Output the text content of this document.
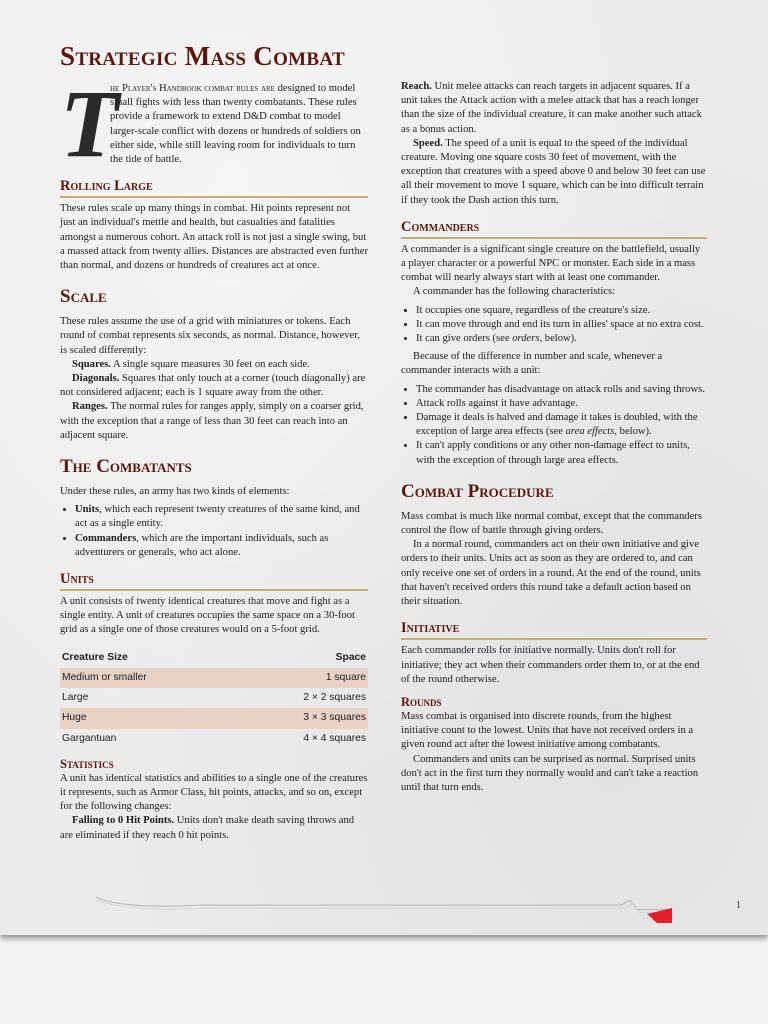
Strategic Mass Combat
T

he Player's Handbook combat rules are designed to model small fights with less than twenty combatants. These rules provide a framework to extend D&D combat to model larger-scale conflict with dozens or hundreds of soldiers on either side, while still leaving room for individuals to turn the tide of battle.

Rolling Large

These rules scale up many things in combat. Hit points represent not just an individual's mettle and health, but casualties and fatalities amongst a numerous cohort. An attack roll is not just a single swing, but a massed attack from twenty allies. Distances are abstracted even further than normal, and dozens or hundreds of creatures act at once.

Scale

These rules assume the use of a grid with miniatures or tokens. Each round of combat represents six seconds, as normal. Distance, however, is scaled differently:

Squares. A single square measures 30 feet on each side.

Diagonals. Squares that only touch at a corner (touch diagonally) are not considered adjacent; each is 1 square away from the other.

Ranges. The normal rules for ranges apply, simply on a coarser grid, with the exception that a range of less than 30 feet can reach into an adjacent square.

The Combatants

Under these rules, an army has two kinds of elements:

• Units, which each represent twenty creatures of the same kind, and act as a single entity.
• Commanders, which are the important individuals, such as adventurers or generals, who act alone.
Units

A unit consists of twenty identical creatures that move and fight as a single entity. A unit of creatures occupies the same space on a 30-foot grid as a single one of those creatures would on a 5-foot grid.

Creature Size	Space
Medium or smaller	1 square
Large	2 × 2 squares
Huge	3 × 3 squares
Gargantuan	4 × 4 squares
Statistics

A unit has identical statistics and abilities to a single one of the creatures it represents, such as Armor Class, hit points, attacks, and so on, except for the following changes:

Falling to 0 Hit Points. Units don't make death saving throws and are eliminated if they reach 0 hit points.

Reach. Unit melee attacks can reach targets in adjacent squares. If a unit takes the Attack action with a melee attack that has a reach longer than the size of the individual creature, it can make another such attack as a bonus action.

Speed. The speed of a unit is equal to the speed of the individual creature. Moving one square costs 30 feet of movement, with the exception that creatures with a speed above 0 and below 30 feet can use all their movement to move 1 square, which can be into difficult terrain if they took the Dash action this turn.

Commanders

A commander is a significant single creature on the battlefield, usually a player character or a powerful NPC or monster. Each side in a mass combat will nearly always start with at least one commander.

A commander has the following characteristics:

• It occupies one square, regardless of the creature's size.
• It can move through and end its turn in allies' space at no extra cost.
• It can give orders (see orders, below).

Because of the difference in number and scale, whenever a commander interacts with a unit:

• The commander has disadvantage on attack rolls and saving throws.
• Attack rolls against it have advantage.
• Damage it deals is halved and damage it takes is doubled, with the exception of large area effects (see area effects, below).
• It can't apply conditions or any other non-damage effect to units, with the exception of through large area effects.
Combat Procedure

Mass combat is much like normal combat, except that the commanders control the flow of battle through giving orders.

In a normal round, commanders act on their own initiative and give orders to their units. Units act as soon as they are ordered to, and can only receive one set of orders in a round. At the end of the round, units that haven't received orders this round take a default action based on their situation.

Initiative

Each commander rolls for initiative normally. Units don't roll for initiative; they act when their commanders order them to, or at the end of the round otherwise.

Rounds

Mass combat is organised into discrete rounds, from the highest initiative count to the lowest. Units that have not received orders in a given round act after the lowest initiative among combatants.

Commanders and units can be surprised as normal. Surprised units don't act in the first turn they normally would and can't take a reaction until that turn ends.

1
